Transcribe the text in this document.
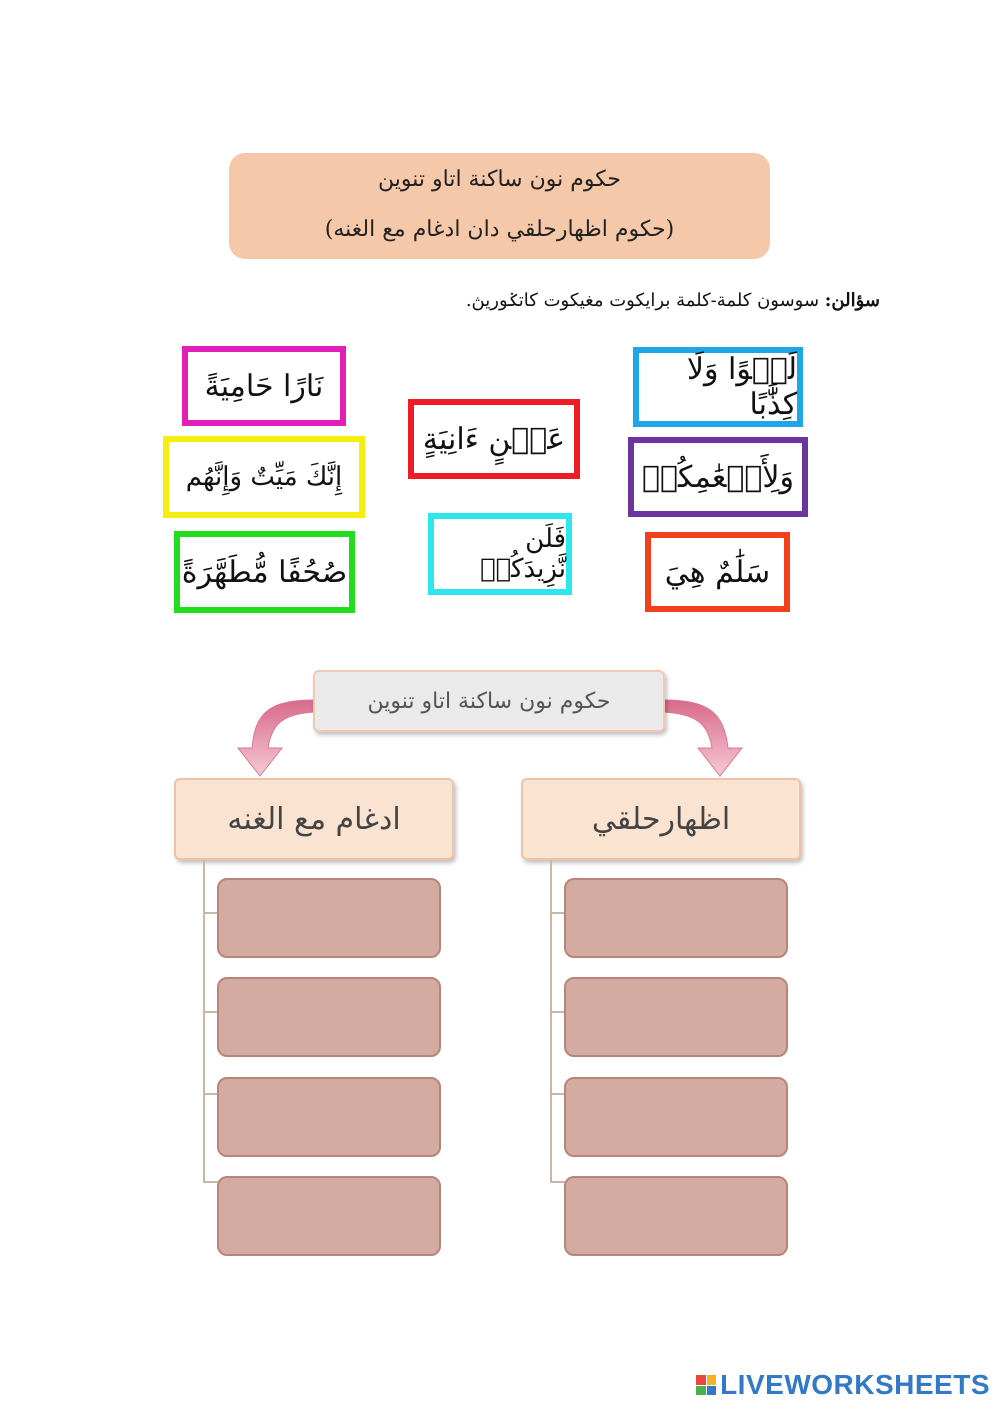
حكوم نون ساكنة اتاو تنوين
(حكوم اظهارحلقي دان ادغام مع الغنه)
سؤالن: سوسون كلمة-كلمة برايكوت مغيكوت كاتݢوريڽ.
لَغۡوًا وَلَا كِذَّٰبًا
وَلِأَنۡعَٰمِكُمۡ
سَلَٰمٌ هِيَ
عَيۡنٍ ءَانِيَةٍ
فَلَن نَّزِيدَكُمۡ
نَارًا حَامِيَةً
إِنَّكَ مَيِّتٌ وَإِنَّهُم
صُحُفًا مُّطَهَّرَةً
حكوم نون ساكنة اتاو تنوين
ادغام مع الغنه	اظهارحلقي
LIVEWORKSHEETS
